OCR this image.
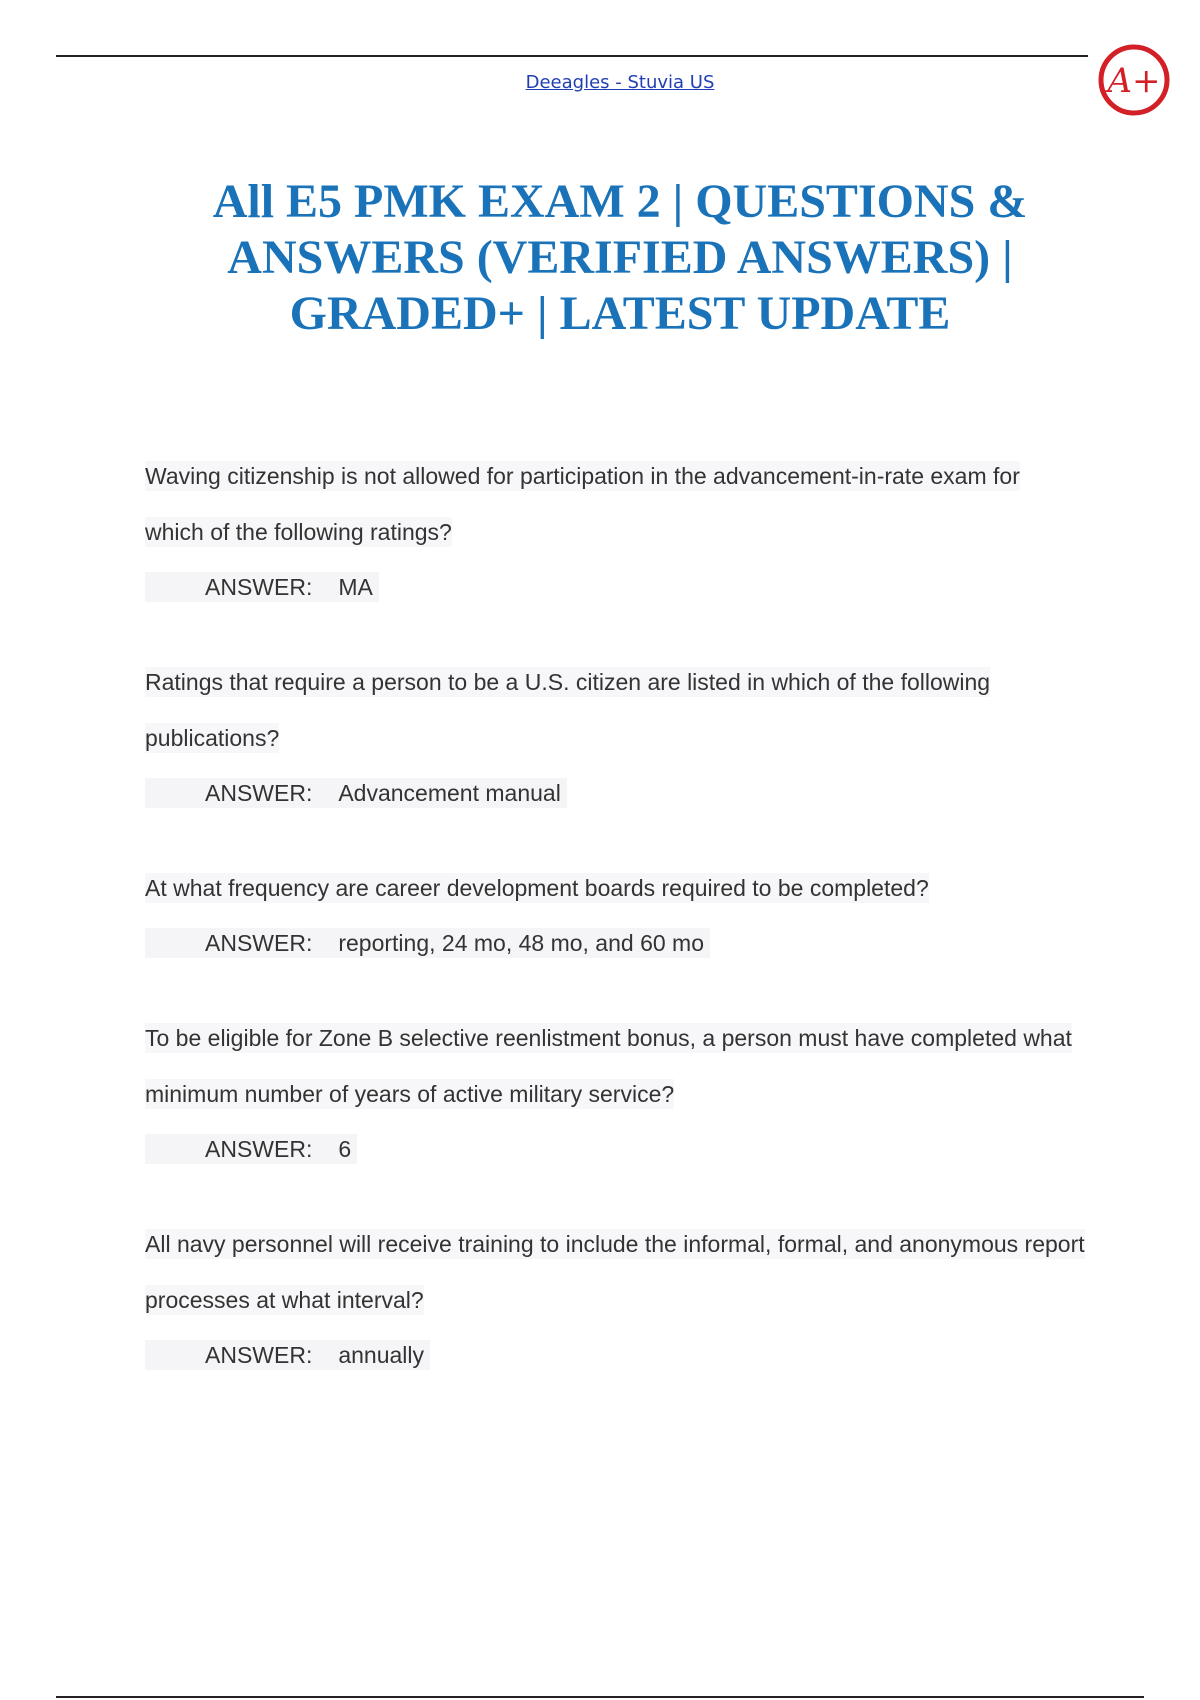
Deeagles - Stuvia US	A+
All E5 PMK EXAM 2 | QUESTIONS & ANSWERS (VERIFIED ANSWERS) | GRADED+ | LATEST UPDATE
Waving citizenship is not allowed for participation in the advancement-in-rate exam for which of the following ratings?
ANSWER: MA
Ratings that require a person to be a U.S. citizen are listed in which of the following publications?
ANSWER: Advancement manual
At what frequency are career development boards required to be completed?
ANSWER: reporting, 24 mo, 48 mo, and 60 mo
To be eligible for Zone B selective reenlistment bonus, a person must have completed what minimum number of years of active military service?
ANSWER: 6
All navy personnel will receive training to include the informal, formal, and anonymous report processes at what interval?
ANSWER: annually
